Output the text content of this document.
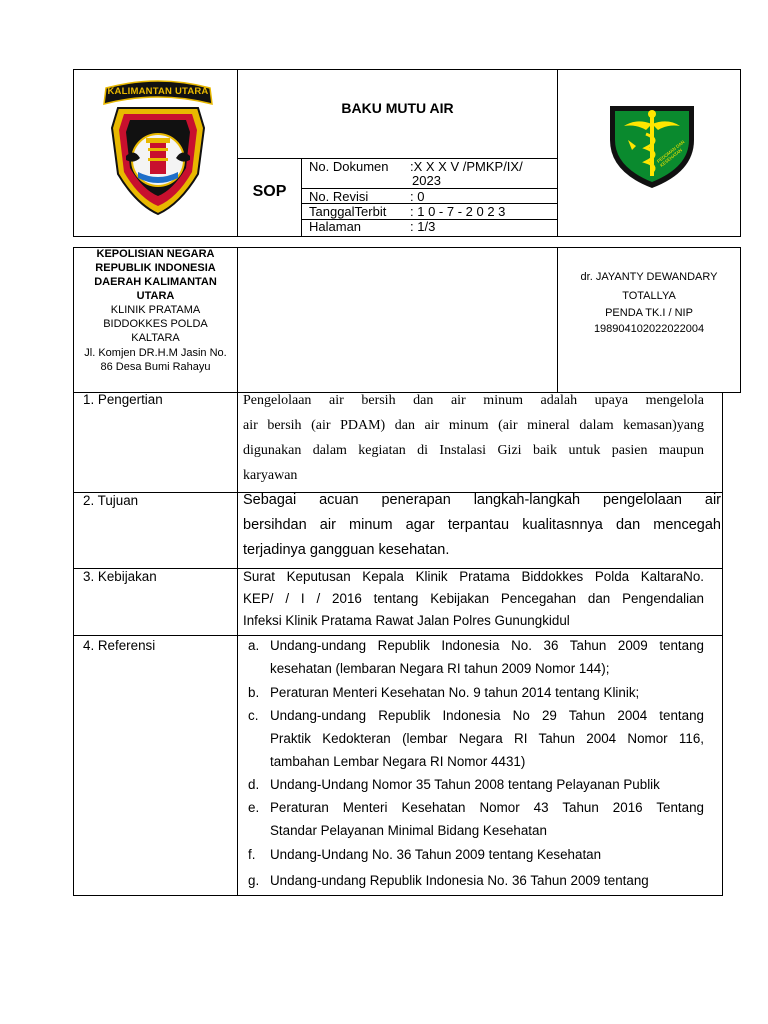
KALIMANTAN UTARA
BAKU MUTU AIR
SOP
No. Dokumen :X X X V /PMKP/IX/
2023
No. Revisi	: 0
TanggalTerbit : 1 0 - 7 - 2 0 2 3
Halaman	: 1/3
PEDOMAN DAN KESEHATAN
KEPOLISIAN NEGARA
REPUBLIK INDONESIA
DAERAH KALIMANTAN
UTARA
KLINIK PRATAMA
BIDDOKKES POLDA
KALTARA
Jl. Komjen DR.H.M Jasin No.
86 Desa Bumi Rahayu
dr. JAYANTY DEWANDARY
TOTALLYA
PENDA TK.I / NIP
198904102022022004
1. Pengertian	Pengelolaan air bersih dan air minum adalah upaya mengelola
air bersih (air PDAM) dan air minum (air mineral dalam kemasan)yang
digunakan dalam kegiatan di Instalasi Gizi baik untuk pasien maupun
karyawan
2. Tujuan	Sebagai acuan penerapan langkah-langkah pengelolaan air
bersihdan air minum agar terpantau kualitasnnya dan mencegah
terjadinya gangguan kesehatan.
3. Kebijakan	Surat Keputusan Kepala Klinik Pratama Biddokkes Polda KaltaraNo.
KEP/ / I / 2016 tentang Kebijakan Pencegahan dan Pengendalian
Infeksi Klinik Pratama Rawat Jalan Polres Gunungkidul
4. Referensi	a. Undang-undang Republik Indonesia No. 36 Tahun 2009 tentang
kesehatan (lembaran Negara RI tahun 2009 Nomor 144);
b. Peraturan Menteri Kesehatan No. 9 tahun 2014 tentang Klinik;
c. Undang-undang Republik Indonesia No 29 Tahun 2004 tentang
Praktik Kedokteran (lembar Negara RI Tahun 2004 Nomor 116,
tambahan Lembar Negara RI Nomor 4431)
d. Undang-Undang Nomor 35 Tahun 2008 tentang Pelayanan Publik
e. Peraturan Menteri Kesehatan Nomor 43 Tahun 2016 Tentang
Standar Pelayanan Minimal Bidang Kesehatan
f. Undang-Undang No. 36 Tahun 2009 tentang Kesehatan
g. Undang-undang Republik Indonesia No. 36 Tahun 2009 tentang
